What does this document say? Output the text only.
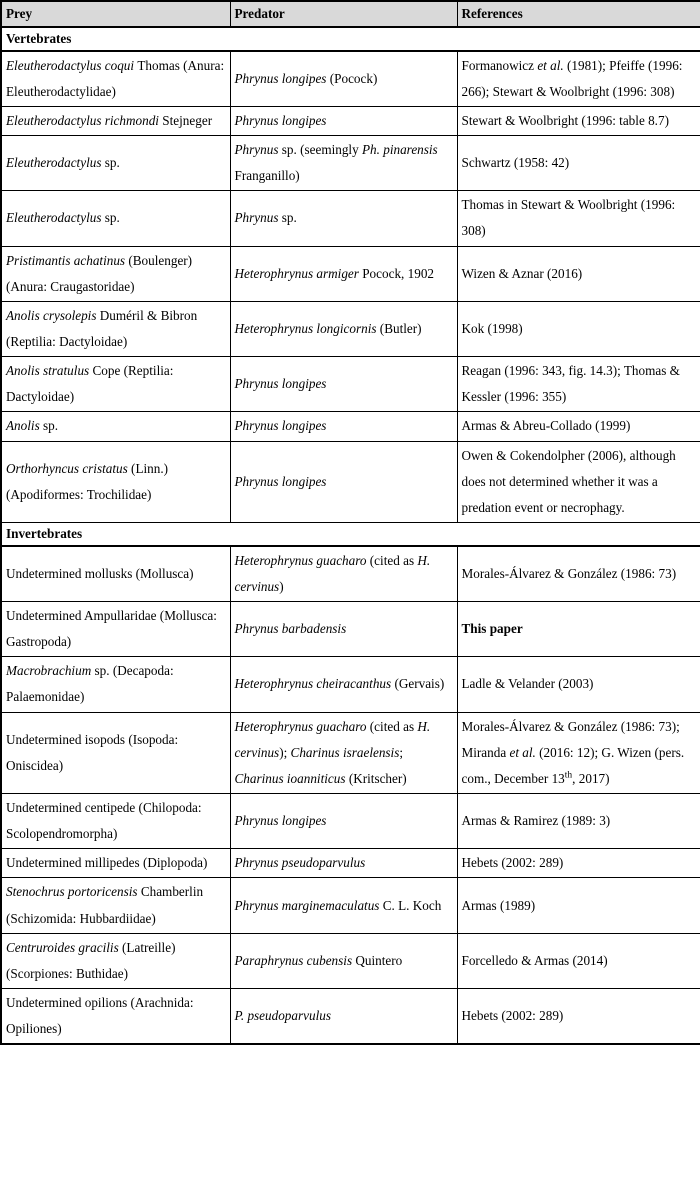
Prey	Predator	References
Vertebrates		

Eleutherodactylus coqui Thomas (Anura: Eleutherodactylidae)	Phrynus longipes (Pocock)	Formanowicz et al. (1981); Pfeiffe (1996: 266); Stewart & Woolbright (1996: 308)

Eleutherodactylus richmondi Stejneger	Phrynus longipes	Stewart & Woolbright (1996: table 8.7)

Eleutherodactylus sp.	Phrynus sp. (seemingly Ph. pinarensis Franganillo)	Schwartz (1958: 42)

Eleutherodactylus sp.	Phrynus sp.	Thomas in Stewart & Woolbright (1996: 308)

Pristimantis achatinus (Boulenger) (Anura: Craugastoridae)	Heterophrynus armiger Pocock, 1902	Wizen & Aznar (2016)

Anolis crysolepis Duméril & Bibron (Reptilia: Dactyloidae)	Heterophrynus longicornis (Butler)	Kok (1998)

Anolis stratulus Cope (Reptilia: Dactyloidae)	Phrynus longipes	Reagan (1996: 343, fig. 14.3); Thomas & Kessler (1996: 355)

Anolis sp.	Phrynus longipes	Armas & Abreu-Collado (1999)

Orthorhyncus cristatus (Linn.) (Apodiformes: Trochilidae)	Phrynus longipes	Owen & Cokendolpher (2006), although does not determined whether it was a predation event or necrophagy.

Invertebrates		

Undetermined mollusks (Mollusca)	Heterophrynus guacharo (cited as H. cervinus)	Morales-Álvarez & González (1986: 73)

Undetermined Ampullaridae (Mollusca: Gastropoda)	Phrynus barbadensis	This paper

Macrobrachium sp. (Decapoda: Palaemonidae)	Heterophrynus cheiracanthus (Gervais)	Ladle & Velander (2003)

Undetermined isopods (Isopoda: Oniscidea)	Heterophrynus guacharo (cited as H. cervinus); Charinus israelensis; Charinus ioanniticus (Kritscher)	Morales-Álvarez & González (1986: 73); Miranda et al. (2016: 12); G. Wizen (pers. com., December 13th, 2017)

Undetermined centipede (Chilopoda: Scolopendromorpha)	Phrynus longipes	Armas & Ramirez (1989: 3)

Undetermined millipedes (Diplopoda)	Phrynus pseudoparvulus	Hebets (2002: 289)

Stenochrus portoricensis Chamberlin (Schizomida: Hubbardiidae)	Phrynus marginemaculatus C. L. Koch	Armas (1989)

Centruroides gracilis (Latreille) (Scorpiones: Buthidae)	Paraphrynus cubensis Quintero	Forcelledo & Armas (2014)

Undetermined opilions (Arachnida: Opiliones)	P. pseudoparvulus	Hebets (2002: 289)
